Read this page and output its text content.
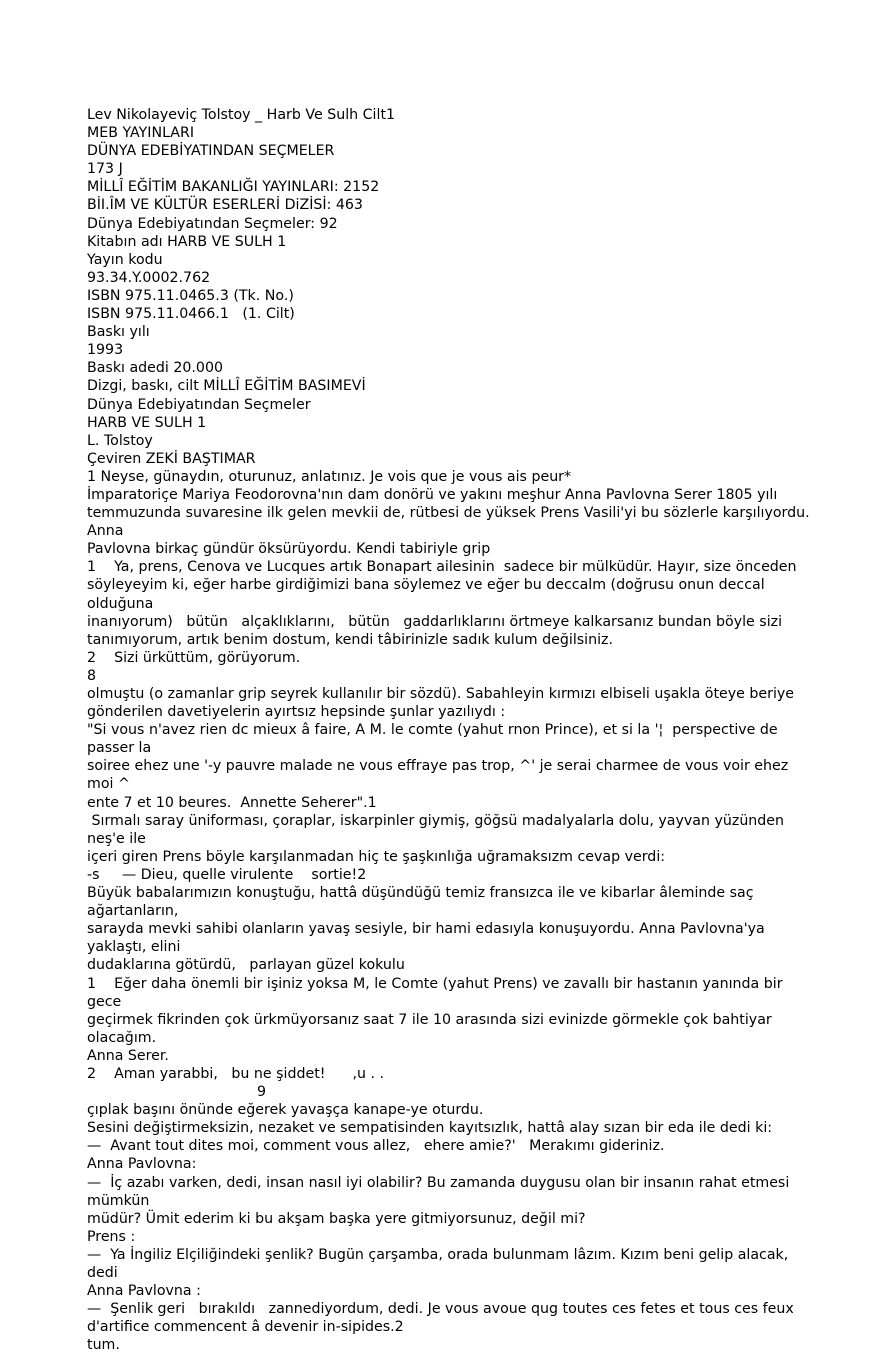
Lev Nikolayeviç Tolstoy _ Harb Ve Sulh Cilt1
MEB YAYINLARI
DÜNYA EDEBİYATINDAN SEÇMELER
173 J
MİLLÎ EĞİTİM BAKANLIĞI YAYINLARI: 2152
BİI.ÎM VE KÜLTÜR ESERLERİ DiZİSİ: 463
Dünya Edebiyatından Seçmeler: 92
Kitabın adı HARB VE SULH 1
Yayın kodu
93.34.Y.0002.762
ISBN 975.11.0465.3 (Tk. No.)
ISBN 975.11.0466.1   (1. Cilt)
Baskı yılı
1993
Baskı adedi 20.000
Dizgi, baskı, cilt MİLLÎ EĞİTİM BASIMEVİ
Dünya Edebiyatından Seçmeler
HARB VE SULH 1
L. Tolstoy
Çeviren ZEKİ BAŞTIMAR
1 Neyse, günaydın, oturunuz, anlatınız. Je vois que je vous ais peur*
İmparatoriçe Mariya Feodorovna'nın dam donörü ve yakını meşhur Anna Pavlovna Serer 1805 yılı
temmuzunda suvaresine ilk gelen mevkii de, rütbesi de yüksek Prens Vasili'yi bu sözlerle karşılıyordu. Anna
Pavlovna birkaç gündür öksürüyordu. Kendi tabiriyle grip
1    Ya, prens, Cenova ve Lucques artık Bonapart ailesinin  sadece bir mülküdür. Hayır, size önceden
söyleyeyim ki, eğer harbe girdiğimizi bana söylemez ve eğer bu deccalm (doğrusu onun deccal olduğuna
inanıyorum)   bütün   alçaklıklarını,   bütün   gaddarlıklarını örtmeye kalkarsanız bundan böyle sizi
tanımıyorum, artık benim dostum, kendi tâbirinizle sadık kulum değilsiniz.
2    Sizi ürküttüm, görüyorum.
8
olmuştu (o zamanlar grip seyrek kullanılır bir sözdü). Sabahleyin kırmızı elbiseli uşakla öteye beriye
gönderilen davetiyelerin ayırtsız hepsinde şunlar yazılıydı :
"Si vous n'avez rien dc mieux â faire, A M. le comte (yahut rnon Prince), et si la '¦  perspective de passer la
soiree ehez une '-y pauvre malade ne vous effraye pas trop, ^' je serai charmee de vous voir ehez moi ^
ente 7 et 10 beures.  Annette Seherer".1
Sırmalı saray üniforması, çoraplar, iskarpinler giymiş, göğsü madalyalarla dolu, yayvan yüzünden neş'e ile
içeri giren Prens böyle karşılanmadan hiç te şaşkınlığa uğramaksızm cevap verdi:
-s     — Dieu, quelle virulente    sortie!2
Büyük babalarımızın konuştuğu, hattâ düşündüğü temiz fransızca ile ve kibarlar âleminde saç ağartanların,
sarayda mevki sahibi olanların yavaş sesiyle, bir hami edasıyla konuşuyordu. Anna Pavlovna'ya yaklaştı, elini
dudaklarına götürdü,   parlayan güzel kokulu
1    Eğer daha önemli bir işiniz yoksa M, le Comte (yahut Prens) ve zavallı bir hastanın yanında bir gece
geçirmek fikrinden çok ürkmüyorsanız saat 7 ile 10 arasında sizi evinizde görmekle çok bahtiyar olacağım.
Anna Serer.
2    Aman yarabbi,   bu ne şiddet!      ,u . .
9
çıplak başını önünde eğerek yavaşça kanape-ye oturdu.
Sesini değiştirmeksizin, nezaket ve sempatisinden kayıtsızlık, hattâ alay sızan bir eda ile dedi ki:
—  Avant tout dites moi, comment vous allez,   ehere amie?'   Merakımı gideriniz.
Anna Pavlovna:
—  İç azabı varken, dedi, insan nasıl iyi olabilir? Bu zamanda duygusu olan bir insanın rahat etmesi mümkün
müdür? Ümit ederim ki bu akşam başka yere gitmiyorsunuz, değil mi?
Prens :
—  Ya İngiliz Elçiliğindeki şenlik? Bugün çarşamba, orada bulunmam lâzım. Kızım beni gelip alacak, dedi
Anna Pavlovna :
—  Şenlik geri   bırakıldı   zannediyordum, dedi. Je vous avoue qug toutes ces fetes et tous ces feux
d'artifice commencent â devenir in-sipides.2
tum.
